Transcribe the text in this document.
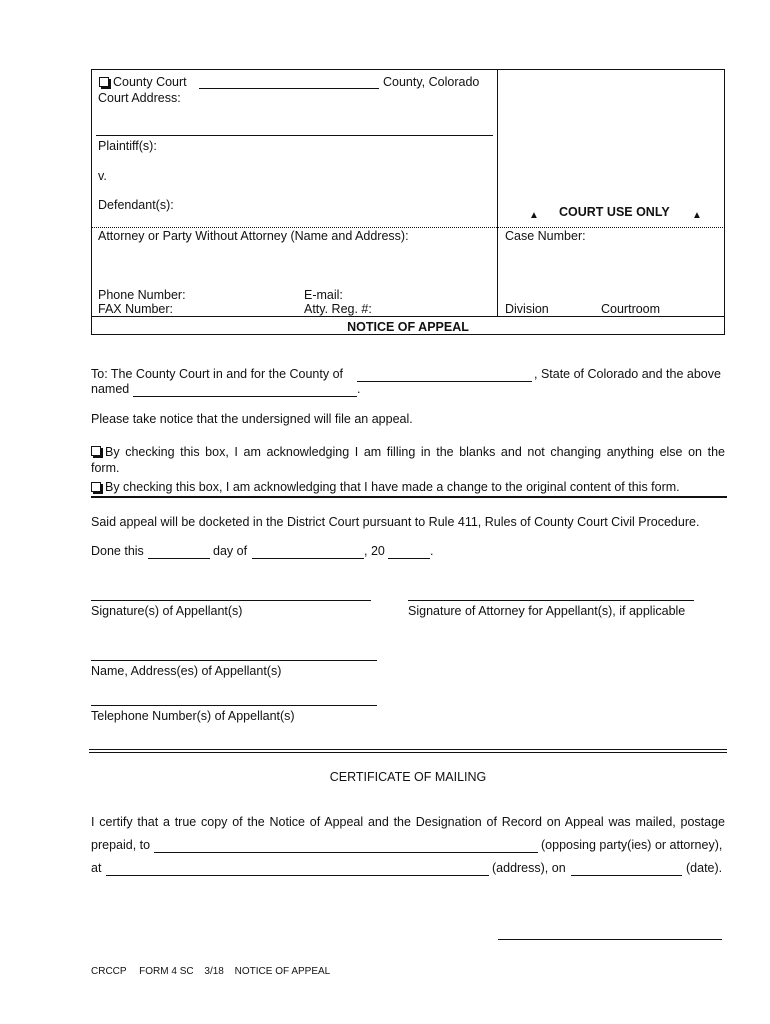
County Court	County, Colorado
Court Address:
Plaintiff(s):
v.
Defendant(s):
▲ COURT USE ONLY ▲
Attorney or Party Without Attorney (Name and Address):	Case Number:
Phone Number:	E-mail:
FAX Number:	Atty. Reg. #:	Division	Courtroom
NOTICE OF APPEAL
To: The County Court in and for the County of	, State of Colorado and the above
named	.
Please take notice that the undersigned will file an appeal.
By checking this box, I am acknowledging I am filling in the blanks and not changing anything else on the
form.
By checking this box, I am acknowledging that I have made a change to the original content of this form.
Said appeal will be docketed in the District Court pursuant to Rule 411, Rules of County Court Civil Procedure.
Done this	day of	, 20	.
Signature(s) of Appellant(s)	Signature of Attorney for Appellant(s), if applicable
Name, Address(es) of Appellant(s)
Telephone Number(s) of Appellant(s)
CERTIFICATE OF MAILING
I certify that a true copy of the Notice of Appeal and the Designation of Record on Appeal was mailed, postage
prepaid, to	(opposing party(ies) or attorney),
at	(address), on	(date).
CRCCP FORM 4 SC 3/18 NOTICE OF APPEAL
